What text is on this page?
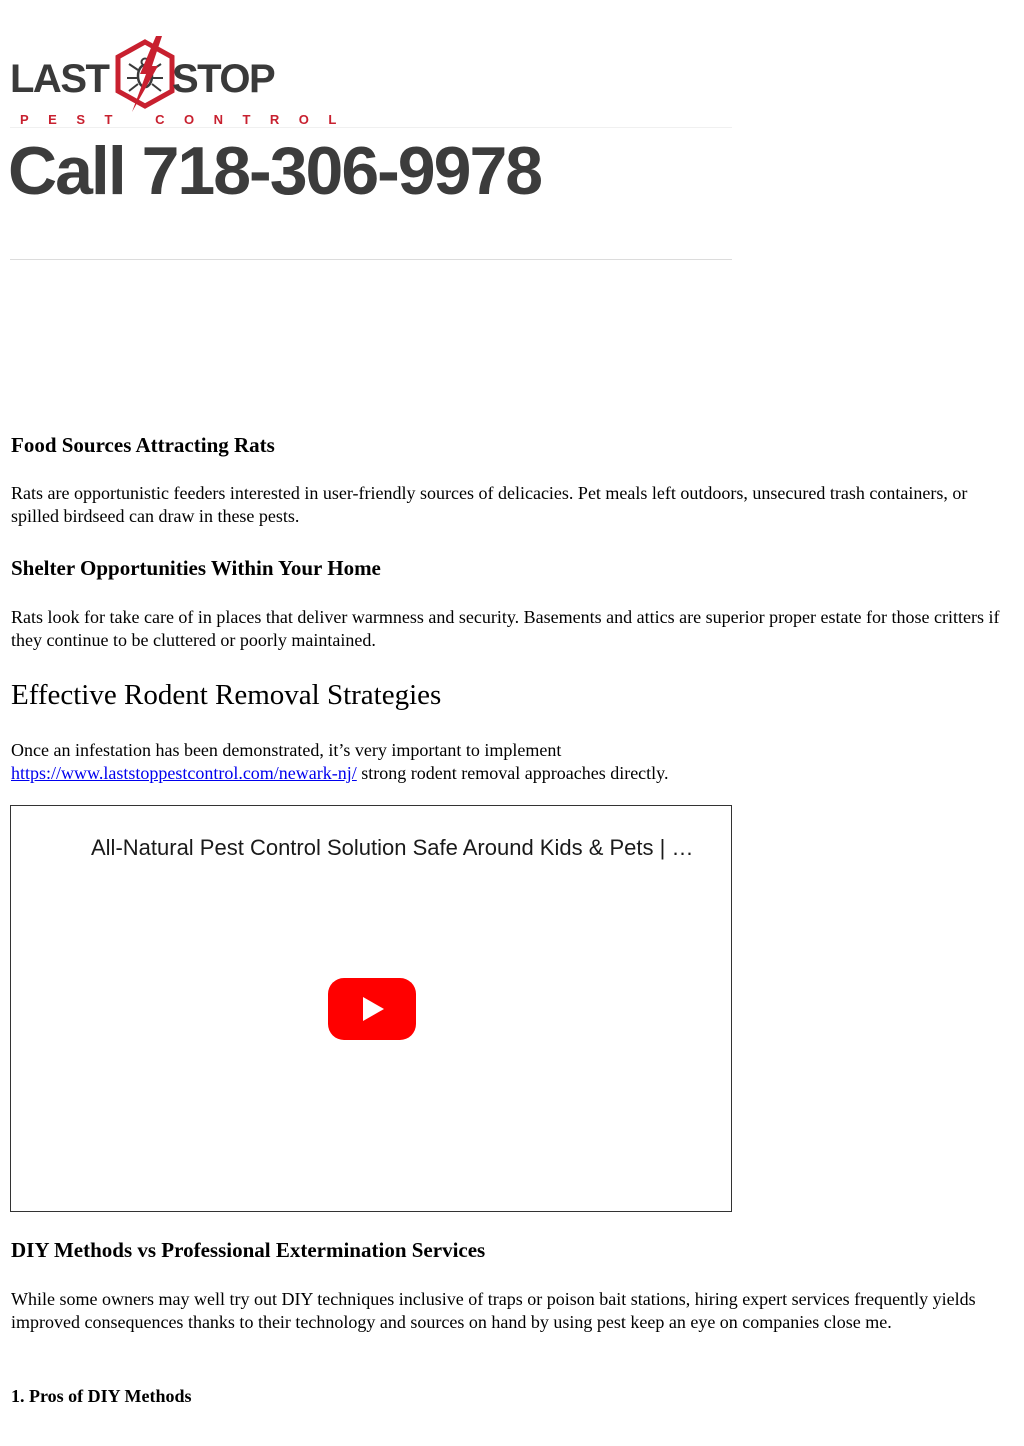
LAST STOP
PEST CONTROL
Call 718-306-9978
Food Sources Attracting Rats

Rats are opportunistic feeders interested in user-friendly sources of delicacies. Pet meals left outdoors, unsecured trash containers, or spilled birdseed can draw in these pests.

Shelter Opportunities Within Your Home

Rats look for take care of in places that deliver warmness and security. Basements and attics are superior proper estate for those critters if they continue to be cluttered or poorly maintained.

Effective Rodent Removal Strategies

Once an infestation has been demonstrated, it’s very important to implement
https://www.laststoppestcontrol.com/newark-nj/ strong rodent removal approaches directly.

All-Natural Pest Control Solution Safe Around Kids & Pets | …
DIY Methods vs Professional Extermination Services

While some owners may well try out DIY techniques inclusive of traps or poison bait stations, hiring expert services frequently yields improved consequences thanks to their technology and sources on hand by using pest keep an eye on companies close me.

1. Pros of DIY Methods
